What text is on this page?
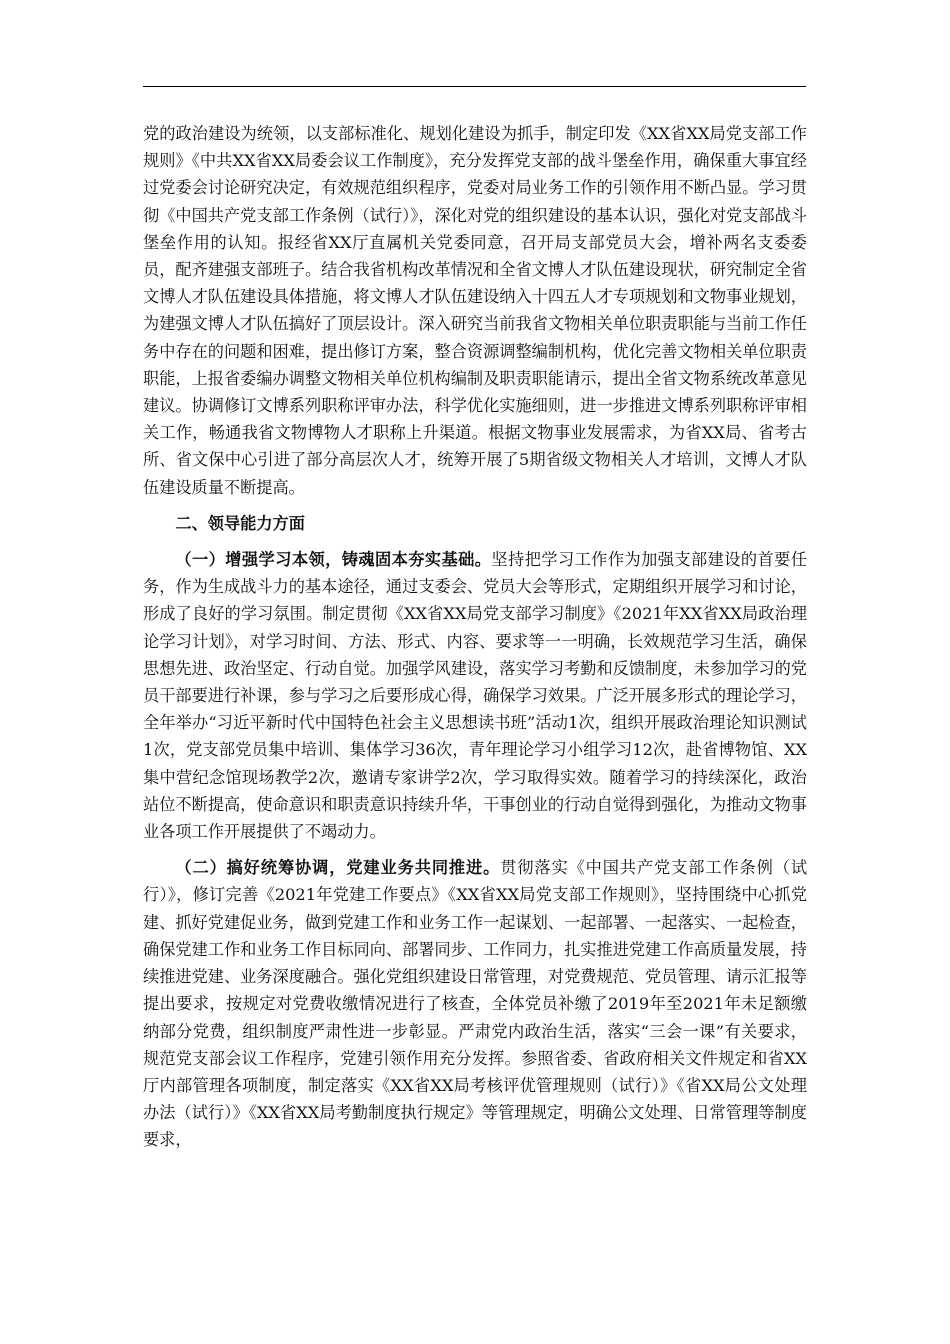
党的政治建设为统领，以支部标准化、规划化建设为抓手，制定印发《XX省XX局党支部工作规则》《中共XX省XX局委会议工作制度》，充分发挥党支部的战斗堡垒作用，确保重大事宜经过党委会讨论研究决定，有效规范组织程序，党委对局业务工作的引领作用不断凸显。学习贯彻《中国共产党支部工作条例（试行）》，深化对党的组织建设的基本认识，强化对党支部战斗堡垒作用的认知。报经省XX厅直属机关党委同意，召开局支部党员大会，增补两名支委委员，配齐建强支部班子。结合我省机构改革情况和全省文博人才队伍建设现状，研究制定全省文博人才队伍建设具体措施，将文博人才队伍建设纳入十四五人才专项规划和文物事业规划，为建强文博人才队伍搞好了顶层设计。深入研究当前我省文物相关单位职责职能与当前工作任务中存在的问题和困难，提出修订方案，整合资源调整编制机构，优化完善文物相关单位职责职能，上报省委编办调整文物相关单位机构编制及职责职能请示，提出全省文物系统改革意见建议。协调修订文博系列职称评审办法，科学优化实施细则，进一步推进文博系列职称评审相关工作，畅通我省文物博物人才职称上升渠道。根据文物事业发展需求，为省XX局、省考古所、省文保中心引进了部分高层次人才，统筹开展了5期省级文物相关人才培训，文博人才队伍建设质量不断提高。

二、领导能力方面

（一）增强学习本领，铸魂固本夯实基础。坚持把学习工作作为加强支部建设的首要任务，作为生成战斗力的基本途径，通过支委会、党员大会等形式，定期组织开展学习和讨论，形成了良好的学习氛围。制定贯彻《XX省XX局党支部学习制度》《2021年XX省XX局政治理论学习计划》，对学习时间、方法、形式、内容、要求等一一明确，长效规范学习生活，确保思想先进、政治坚定、行动自觉。加强学风建设，落实学习考勤和反馈制度，未参加学习的党员干部要进行补课，参与学习之后要形成心得，确保学习效果。广泛开展多形式的理论学习，全年举办“习近平新时代中国特色社会主义思想读书班”活动1次，组织开展政治理论知识测试1次，党支部党员集中培训、集体学习36次，青年理论学习小组学习12次，赴省博物馆、XX集中营纪念馆现场教学2次，邀请专家讲学2次，学习取得实效。随着学习的持续深化，政治站位不断提高，使命意识和职责意识持续升华，干事创业的行动自觉得到强化，为推动文物事业各项工作开展提供了不竭动力。

（二）搞好统筹协调，党建业务共同推进。贯彻落实《中国共产党支部工作条例（试行）》，修订完善《2021年党建工作要点》《XX省XX局党支部工作规则》，坚持围绕中心抓党建、抓好党建促业务，做到党建工作和业务工作一起谋划、一起部署、一起落实、一起检查，确保党建工作和业务工作目标同向、部署同步、工作同力，扎实推进党建工作高质量发展，持续推进党建、业务深度融合。强化党组织建设日常管理，对党费规范、党员管理、请示汇报等提出要求，按规定对党费收缴情况进行了核查，全体党员补缴了2019年至2021年未足额缴纳部分党费，组织制度严肃性进一步彰显。严肃党内政治生活，落实“三会一课”有关要求，规范党支部会议工作程序，党建引领作用充分发挥。参照省委、省政府相关文件规定和省XX厅内部管理各项制度，制定落实《XX省XX局考核评优管理规则（试行）》《省XX局公文处理办法（试行）》《XX省XX局考勤制度执行规定》等管理规定，明确公文处理、日常管理等制度要求，
